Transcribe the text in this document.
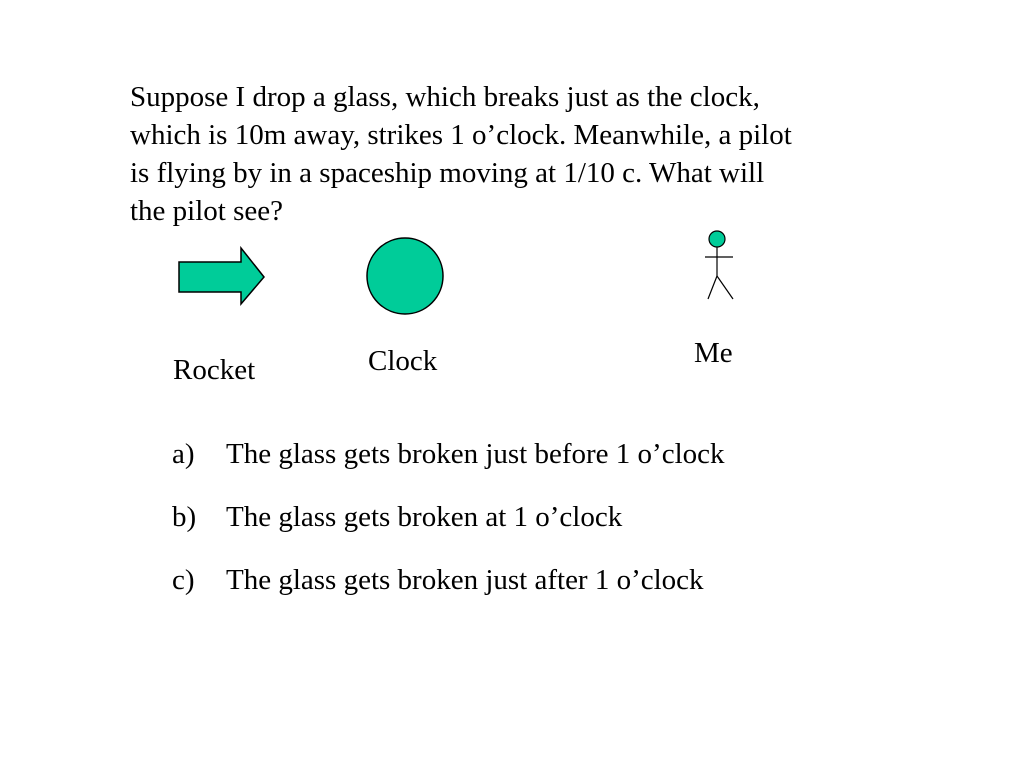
Suppose I drop a glass, which breaks just as the clock,
which is 10m away, strikes 1 o’clock. Meanwhile, a pilot
is flying by in a spaceship moving at 1/10 c. What will
the pilot see?

Rocket	Clock	Me
a) The glass gets broken just before 1 o’clock
b) The glass gets broken at 1 o’clock
c) The glass gets broken just after 1 o’clock
